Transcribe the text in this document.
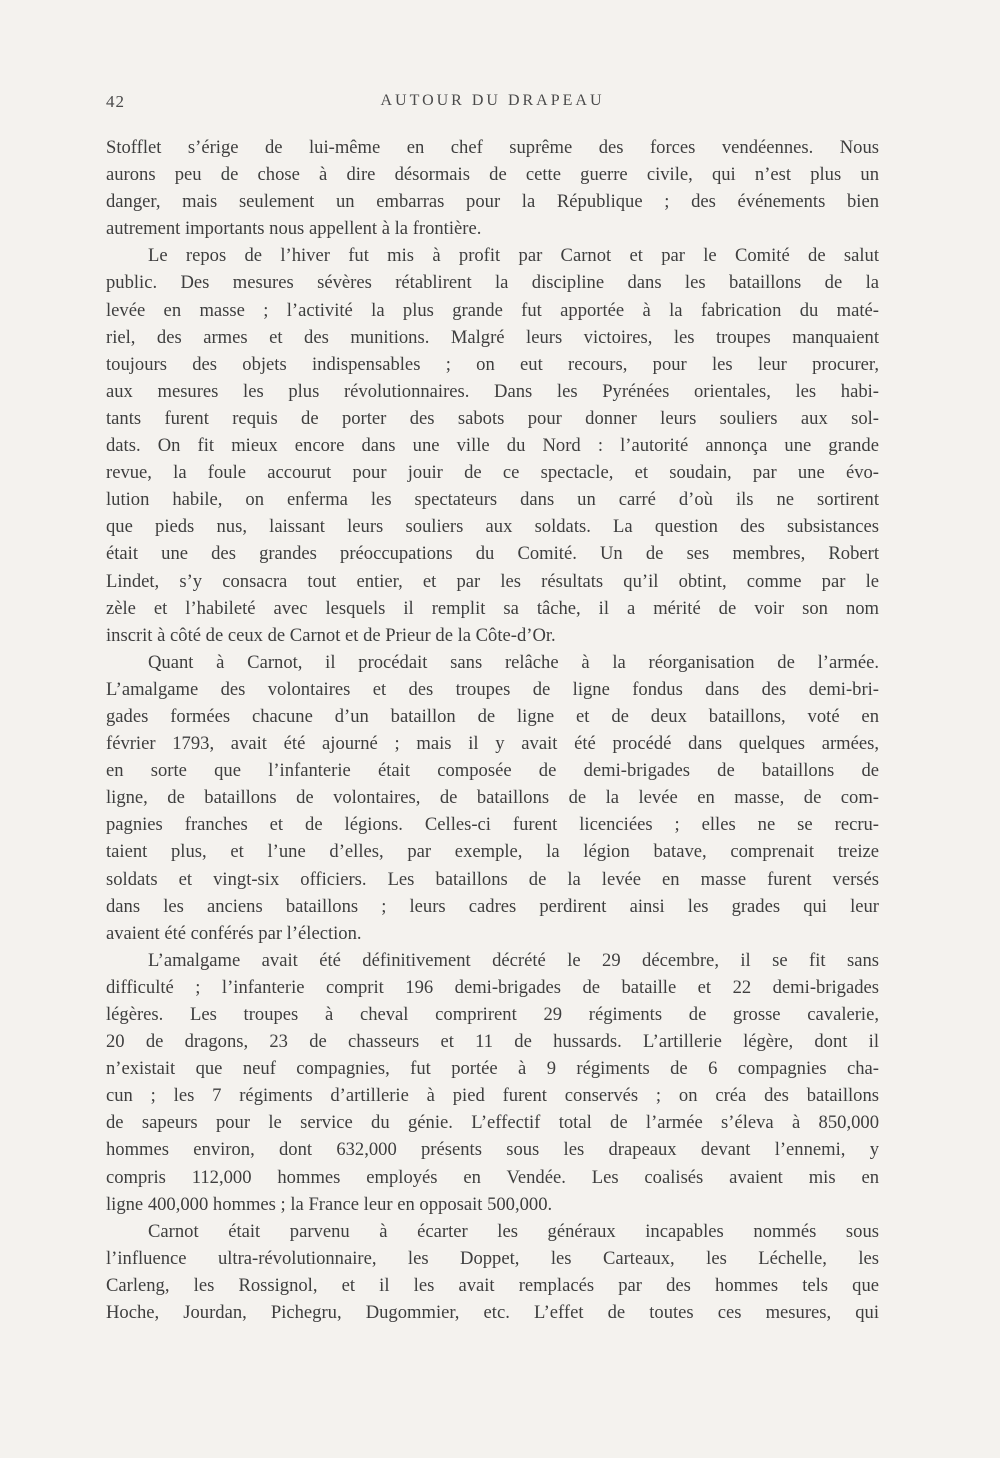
42	AUTOUR DU DRAPEAU
Stofflet s’érige de lui-même en chef suprême des forces vendéennes. Nous
aurons peu de chose à dire désormais de cette guerre civile, qui n’est plus un
danger, mais seulement un embarras pour la République ; des événements bien
autrement importants nous appellent à la frontière.
Le repos de l’hiver fut mis à profit par Carnot et par le Comité de salut
public. Des mesures sévères rétablirent la discipline dans les bataillons de la
levée en masse ; l’activité la plus grande fut apportée à la fabrication du maté-
riel, des armes et des munitions. Malgré leurs victoires, les troupes manquaient
toujours des objets indispensables ; on eut recours, pour les leur procurer,
aux mesures les plus révolutionnaires. Dans les Pyrénées orientales, les habi-
tants furent requis de porter des sabots pour donner leurs souliers aux sol-
dats. On fit mieux encore dans une ville du Nord : l’autorité annonça une grande
revue, la foule accourut pour jouir de ce spectacle, et soudain, par une évo-
lution habile, on enferma les spectateurs dans un carré d’où ils ne sortirent
que pieds nus, laissant leurs souliers aux soldats. La question des subsistances
était une des grandes préoccupations du Comité. Un de ses membres, Robert
Lindet, s’y consacra tout entier, et par les résultats qu’il obtint, comme par le
zèle et l’habileté avec lesquels il remplit sa tâche, il a mérité de voir son nom
inscrit à côté de ceux de Carnot et de Prieur de la Côte-d’Or.
Quant à Carnot, il procédait sans relâche à la réorganisation de l’armée.
L’amalgame des volontaires et des troupes de ligne fondus dans des demi-bri-
gades formées chacune d’un bataillon de ligne et de deux bataillons, voté en
février 1793, avait été ajourné ; mais il y avait été procédé dans quelques armées,
en sorte que l’infanterie était composée de demi-brigades de bataillons de
ligne, de bataillons de volontaires, de bataillons de la levée en masse, de com-
pagnies franches et de légions. Celles-ci furent licenciées ; elles ne se recru-
taient plus, et l’une d’elles, par exemple, la légion batave, comprenait treize
soldats et vingt-six officiers. Les bataillons de la levée en masse furent versés
dans les anciens bataillons ; leurs cadres perdirent ainsi les grades qui leur
avaient été conférés par l’élection.
L’amalgame avait été définitivement décrété le 29 décembre, il se fit sans
difficulté ; l’infanterie comprit 196 demi-brigades de bataille et 22 demi-brigades
légères. Les troupes à cheval comprirent 29 régiments de grosse cavalerie,
20 de dragons, 23 de chasseurs et 11 de hussards. L’artillerie légère, dont il
n’existait que neuf compagnies, fut portée à 9 régiments de 6 compagnies cha-
cun ; les 7 régiments d’artillerie à pied furent conservés ; on créa des bataillons
de sapeurs pour le service du génie. L’effectif total de l’armée s’éleva à 850,000
hommes environ, dont 632,000 présents sous les drapeaux devant l’ennemi, y
compris 112,000 hommes employés en Vendée. Les coalisés avaient mis en
ligne 400,000 hommes ; la France leur en opposait 500,000.
Carnot était parvenu à écarter les généraux incapables nommés sous
l’influence ultra-révolutionnaire, les Doppet, les Carteaux, les Léchelle, les
Carleng, les Rossignol, et il les avait remplacés par des hommes tels que
Hoche, Jourdan, Pichegru, Dugommier, etc. L’effet de toutes ces mesures, qui
